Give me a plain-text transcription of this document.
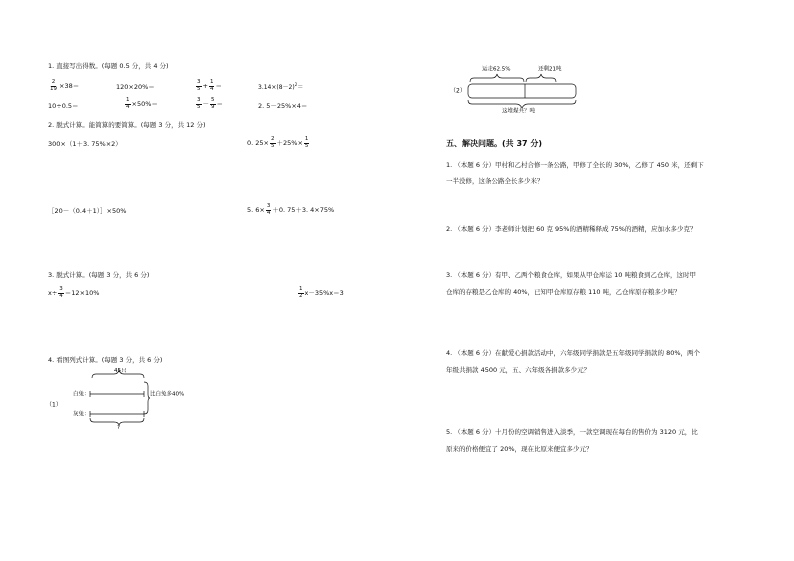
1. 直接写出得数。(每题 0.5 分，共 4 分)
$\frac{2}{19} \times 38=$	120×20%＝	$\frac{3}{5} + \frac{1}{4}$ ＝	$3.14\times(8-2)^2=$
10÷0.5＝	$\frac{1}{4} \times 50\%=$	$\frac{3}{5} - \frac{5}{9}$ ＝	2. 5－25%×4＝
2. 脱式计算。能简算的要简算。(每题 3 分，共 12 分)
300×（1＋3. 75%×2）	0. $25\times \frac{2}{5} +25\%\times \frac{1}{5}$
［20－（0.4＋1）］×50%	5. $6\times \frac{3}{4} +0$. 75＋3. 4×75%
3. 脱式计算。(每题 3 分，共 6 分)
$x\div \frac{3}{4} =12\times 10\%$	$\frac{1}{2} x-35\%x=3$
4. 看图列式计算。(每题 3 分，共 6 分)
45只
白兔：
（1）
比白兔多40%
灰兔：
?
（2）
运走62.5%	还剩21吨
这堆煤共？吨
五、解决问题。(共 37 分)
1. （本题 6 分）甲村和乙村合修一条公路，甲修了全长的 30%，乙修了 450 米，还剩下
一半没修，这条公路全长多少米？
2. （本题 6 分）李老师计划把 60 克 95%的酒精稀释成 75%的酒精，应加水多少克？
3. （本题 6 分）有甲、乙两个粮食仓库，如果从甲仓库运 10 吨粮食到乙仓库，这时甲
仓库的存粮是乙仓库的 40%，已知甲仓库原存粮 110 吨，乙仓库原存粮多少吨？
4. （本题 6 分）在献爱心捐款活动中，六年级同学捐款是五年级同学捐款的 80%，两个
年级共捐款 4500 元，五、六年级各捐款多少元？
5. （本题 6 分）十月份的空调销售进入淡季，一款空调现在每台的售价为 3120 元，比
原来的价格便宜了 20%，现在比原来便宜多少元？
